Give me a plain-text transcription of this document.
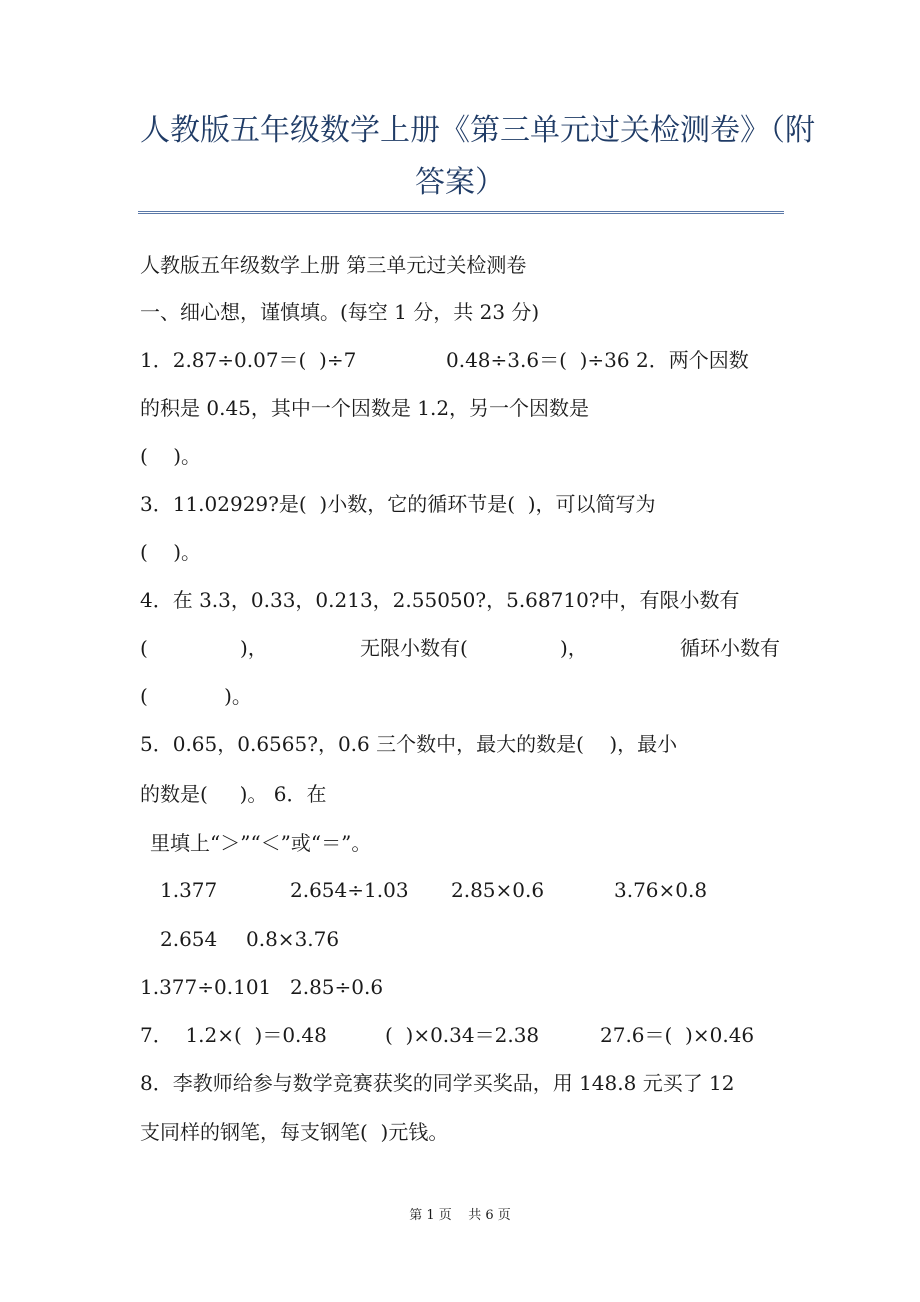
人教版五年级数学上册《第三单元过关检测卷》（附
答案）
人教版五年级数学上册 第三单元过关检测卷
一、细心想，谨慎填。(每空 1 分，共 23 分)
1．2.87÷0.07＝(  )÷7	0.48÷3.6＝(  )÷36 2．两个因数
的积是 0.45，其中一个因数是 1.2，另一个因数是
(    )。
3．11.02929?是(  )小数，它的循环节是(  )，可以简写为
(    )。
4．在 3.3，0.33，0.213，2.55050?，5.68710?中，有限小数有
(	)，	无限小数有(	)，	循环小数有
(            )。
5．0.65，0.6565?，0.6 三个数中，最大的数是(    )，最小
的数是(     )。 6．在
里填上“＞”“＜”或“＝”。
1.377	2.654÷1.03 2.85×0.6	3.76×0.8
2.654 0.8×3.76
1.377÷0.101 2.85÷0.6
7．  1.2×(  )＝0.48	(  )×0.34＝2.38	27.6＝(  )×0.46
8．李教师给参与数学竞赛获奖的同学买奖品，用 148.8 元买了 12
支同样的钢笔，每支钢笔(  )元钱。
第 1 页    共 6 页
